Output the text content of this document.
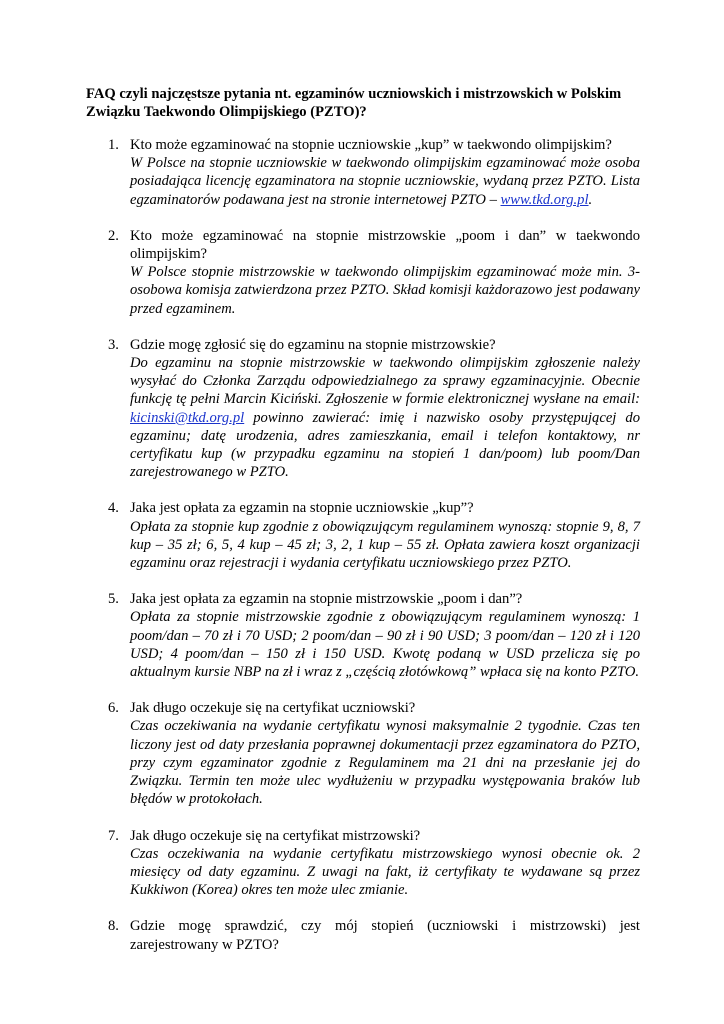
FAQ czyli najczęstsze pytania nt. egzaminów uczniowskich i mistrzowskich w Polskim Związku Taekwondo Olimpijskiego (PZTO)?
1. Kto może egzaminować na stopnie uczniowskie „kup” w taekwondo olimpijskim?
W Polsce na stopnie uczniowskie w taekwondo olimpijskim egzaminować może osoba posiadająca licencję egzaminatora na stopnie uczniowskie, wydaną przez PZTO. Lista egzaminatorów podawana jest na stronie internetowej PZTO – www.tkd.org.pl.
2. Kto może egzaminować na stopnie mistrzowskie „poom i dan” w taekwondo olimpijskim?
W Polsce stopnie mistrzowskie w taekwondo olimpijskim egzaminować może min. 3-osobowa komisja zatwierdzona przez PZTO. Skład komisji każdorazowo jest podawany przed egzaminem.
3. Gdzie mogę zgłosić się do egzaminu na stopnie mistrzowskie?
Do egzaminu na stopnie mistrzowskie w taekwondo olimpijskim zgłoszenie należy wysyłać do Członka Zarządu odpowiedzialnego za sprawy egzaminacyjnie. Obecnie funkcję tę pełni Marcin Kiciński. Zgłoszenie w formie elektronicznej wysłane na email: kicinski@tkd.org.pl powinno zawierać: imię i nazwisko osoby przystępującej do egzaminu; datę urodzenia, adres zamieszkania, email i telefon kontaktowy, nr certyfikatu kup (w przypadku egzaminu na stopień 1 dan/poom) lub poom/Dan zarejestrowanego w PZTO.
4. Jaka jest opłata za egzamin na stopnie uczniowskie „kup”?
Opłata za stopnie kup zgodnie z obowiązującym regulaminem wynoszą: stopnie 9, 8, 7 kup – 35 zł; 6, 5, 4 kup – 45 zł; 3, 2, 1 kup – 55 zł. Opłata zawiera koszt organizacji egzaminu oraz rejestracji i wydania certyfikatu uczniowskiego przez PZTO.
5. Jaka jest opłata za egzamin na stopnie mistrzowskie „poom i dan”?
Opłata za stopnie mistrzowskie zgodnie z obowiązującym regulaminem wynoszą: 1 poom/dan – 70 zł i 70 USD; 2 poom/dan – 90 zł i 90 USD; 3 poom/dan – 120 zł i 120 USD; 4 poom/dan – 150 zł i 150 USD. Kwotę podaną w USD przelicza się po aktualnym kursie NBP na zł i wraz z „częścią złotówkową” wpłaca się na konto PZTO.
6. Jak długo oczekuje się na certyfikat uczniowski?
Czas oczekiwania na wydanie certyfikatu wynosi maksymalnie 2 tygodnie. Czas ten liczony jest od daty przesłania poprawnej dokumentacji przez egzaminatora do PZTO, przy czym egzaminator zgodnie z Regulaminem ma 21 dni na przesłanie jej do Związku. Termin ten może ulec wydłużeniu w przypadku występowania braków lub błędów w protokołach.
7. Jak długo oczekuje się na certyfikat mistrzowski?
Czas oczekiwania na wydanie certyfikatu mistrzowskiego wynosi obecnie ok. 2 miesięcy od daty egzaminu. Z uwagi na fakt, iż certyfikaty te wydawane są przez Kukkiwon (Korea) okres ten może ulec zmianie.
8. Gdzie mogę sprawdzić, czy mój stopień (uczniowski i mistrzowski) jest zarejestrowany w PZTO?
